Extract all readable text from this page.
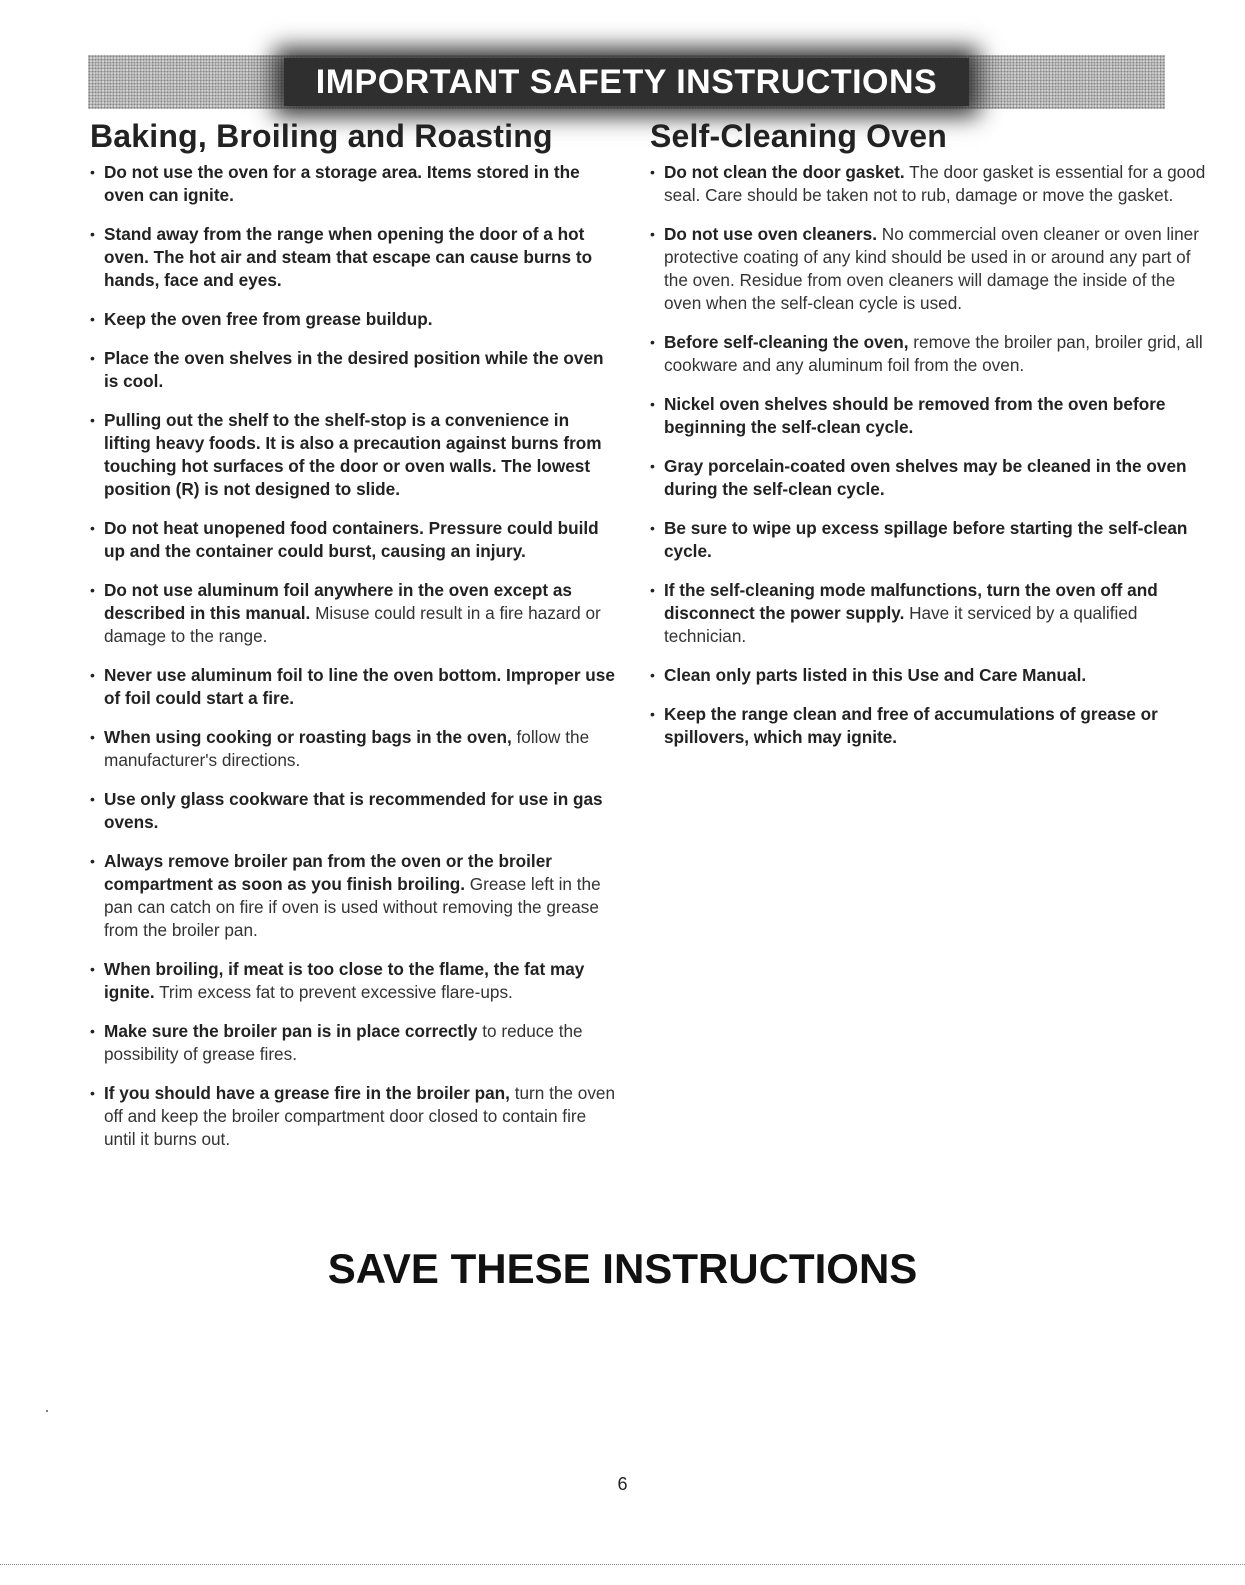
IMPORTANT SAFETY INSTRUCTIONS
Baking, Broiling and Roasting
• Do not use the oven for a storage area. Items stored in the oven can ignite.
• Stand away from the range when opening the door of a hot oven. The hot air and steam that escape can cause burns to hands, face and eyes.
• Keep the oven free from grease buildup.
• Place the oven shelves in the desired position while the oven is cool.
• Pulling out the shelf to the shelf-stop is a convenience in lifting heavy foods. It is also a precaution against burns from touching hot surfaces of the door or oven walls. The lowest position (R) is not designed to slide.
• Do not heat unopened food containers. Pressure could build up and the container could burst, causing an injury.
• Do not use aluminum foil anywhere in the oven except as described in this manual. Misuse could result in a fire hazard or damage to the range.
• Never use aluminum foil to line the oven bottom. Improper use of foil could start a fire.
• When using cooking or roasting bags in the oven, follow the manufacturer's directions.
• Use only glass cookware that is recommended for use in gas ovens.
• Always remove broiler pan from the oven or the broiler compartment as soon as you finish broiling. Grease left in the pan can catch on fire if oven is used without removing the grease from the broiler pan.
• When broiling, if meat is too close to the flame, the fat may ignite. Trim excess fat to prevent excessive flare-ups.
• Make sure the broiler pan is in place correctly to reduce the possibility of grease fires.
• If you should have a grease fire in the broiler pan, turn the oven off and keep the broiler compartment door closed to contain fire until it burns out.
Self-Cleaning Oven
• Do not clean the door gasket. The door gasket is essential for a good seal. Care should be taken not to rub, damage or move the gasket.
• Do not use oven cleaners. No commercial oven cleaner or oven liner protective coating of any kind should be used in or around any part of the oven. Residue from oven cleaners will damage the inside of the oven when the self-clean cycle is used.
• Before self-cleaning the oven, remove the broiler pan, broiler grid, all cookware and any aluminum foil from the oven.
• Nickel oven shelves should be removed from the oven before beginning the self-clean cycle.
• Gray porcelain-coated oven shelves may be cleaned in the oven during the self-clean cycle.
• Be sure to wipe up excess spillage before starting the self-clean cycle.
• If the self-cleaning mode malfunctions, turn the oven off and disconnect the power supply. Have it serviced by a qualified technician.
• Clean only parts listed in this Use and Care Manual.
• Keep the range clean and free of accumulations of grease or spillovers, which may ignite.
SAVE THESE INSTRUCTIONS
6
